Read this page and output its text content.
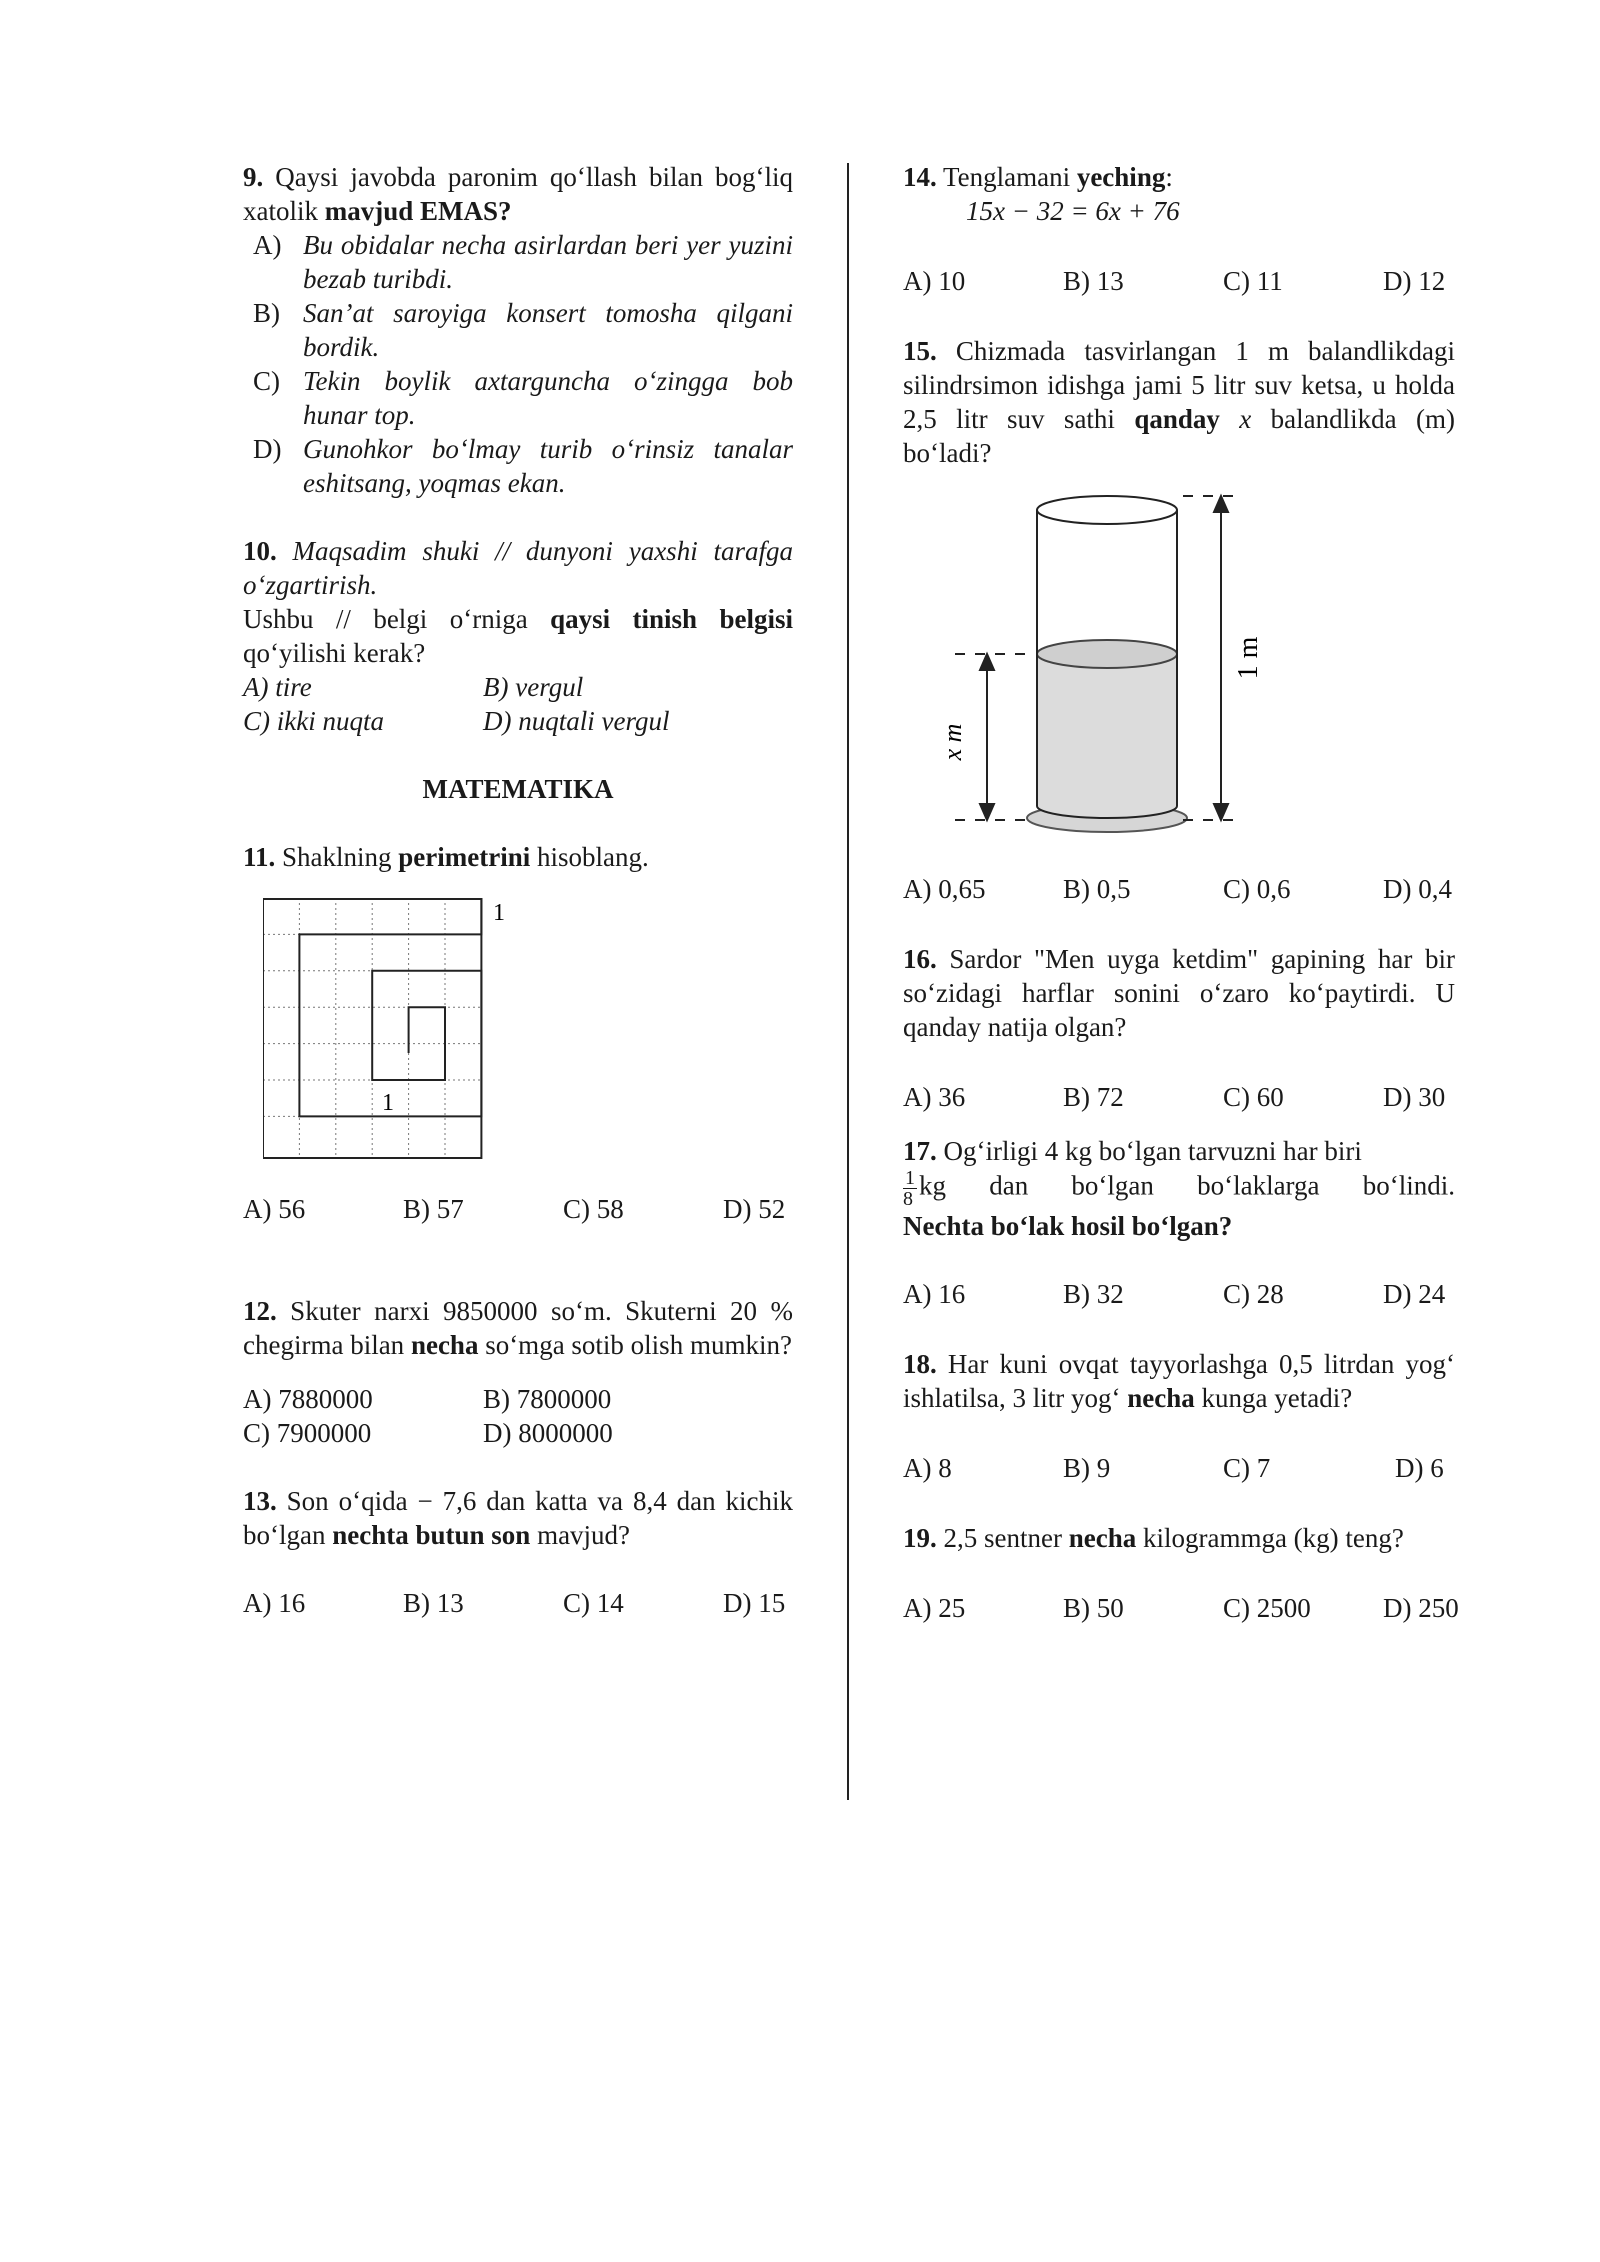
9. Qaysi javobda paronim qo‘llash bilan bog‘liq xatolik mavjud EMAS?

A) Bu obidalar necha asirlardan beri yer yuzini bezab turibdi.
B) San’at saroyiga konsert tomosha qilgani bordik.
C) Tekin boylik axtarguncha o‘zingga bob hunar top.
D) Gunohkor bo‘lmay turib o‘rinsiz tanalar eshitsang, yoqmas ekan.

10. Maqsadim shuki // dunyoni yaxshi tarafga o‘zgartirish.

Ushbu // belgi o‘rniga qaysi tinish belgisi qo‘yilishi kerak?

A) tire	B) vergul
C) ikki nuqta	D) nuqtali vergul

MATEMATIKA

11. Shaklning perimetrini hisoblang.

1
1
A) 56	B) 57	C) 58	D) 52

12. Skuter narxi 9850000 so‘m. Skuterni 20 % chegirma bilan necha so‘mga sotib olish mumkin?

A) 7880000	B) 7800000
C) 7900000	D) 8000000

13. Son o‘qida − 7,6 dan katta va 8,4 dan kichik bo‘lgan nechta butun son mavjud?

A) 16	B) 13	C) 14	D) 15

14. Tenglamani yeching:

15x − 32 = 6x + 76

A) 10	B) 13	C) 11	D) 12

15. Chizmada tasvirlangan 1 m balandlikdagi silindrsimon idishga jami 5 litr suv ketsa, u holda 2,5 litr suv sathi qanday x balandlikda (m) bo‘ladi?

1 m
x m
A) 0,65	B) 0,5	C) 0,6	D) 0,4

16. Sardor "Men uyga ketdim" gapining har bir so‘zidagi harflar sonini o‘zaro ko‘paytirdi. U qanday natija olgan?

A) 36	B) 72	C) 60	D) 30

17. Og‘irligi 4 kg bo‘lgan tarvuzni har biri

$\frac{1}{8}$ kg dan bo‘lgan bo‘laklarga bo‘lindi.

Nechta bo‘lak hosil bo‘lgan?

A) 16	B) 32	C) 28	D) 24

18. Har kuni ovqat tayyorlashga 0,5 litrdan yog‘ ishlatilsa, 3 litr yog‘ necha kunga yetadi?

A) 8	B) 9	C) 7	D) 6

19. 2,5 sentner necha kilogrammga (kg) teng?

A) 25	B) 50	C) 2500	D) 250
